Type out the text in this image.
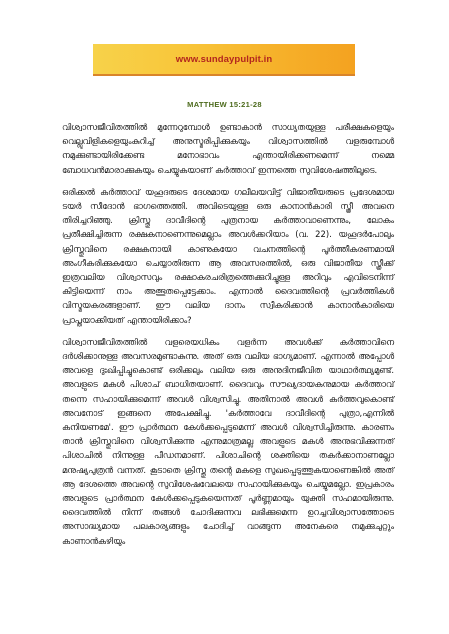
www.sundaypulpit.in
MATTHEW 15:21-28

വിശ്വാസജീവിതത്തിൽ മുന്നേറുമ്പോൾ ഉണ്ടാകാൻ സാധ്യതയുള്ള പരീക്ഷകളെയും വെല്ലുവിളികളെയുംകുറിച്ച് അനുസ്മരിപ്പിക്കുകയും വിശ്വാസത്തിൽ വളരുമ്പോൾ നമുക്കുണ്ടായിരിക്കേണ്ട മനോഭാവം എന്തായിരിക്കണമെന്ന് നമ്മെ ബോധവൻമാരാക്കുകയും ചെയ്യുകയാണ് കർത്താവ് ഇന്നത്തെ സുവിശേഷത്തിലൂടെ.

ഒരിക്കൽ കർത്താവ് യഹൂദരുടെ ദേശമായ ഗലീലയവിട്ട് വിജാതീയരുടെ പ്രദേശമായ ടയർ സീദോൻ ഭാഗത്തെത്തി. അവിടെയുള്ള ഒരു കാനാൻകാരി സ്ത്രീ അവനെ തിരിച്ചറിഞ്ഞു. ക്രിസ്തു ദാവീദിന്റെ പുത്രനായ കർത്താവാണെന്നും, ലോകം പ്രതീക്ഷിച്ചിരുന്ന രക്ഷകനാണെന്നുമെല്ലാം അവൾക്കറിയാം (വ. 22). യഹൂദർപോലും ക്രിസ്തുവിനെ രക്ഷകനായി കാണുകയോ വചനത്തിന്റെ പൂർത്തീകരണമായി അംഗീകരിക്കുകയോ ചെയ്യാതിരുന്ന ആ അവസരത്തിൽ, ഒരു വിജാതീയ സ്ത്രീക്ക് ഇത്രവലിയ വിശ്വാസവും രക്ഷാകരചരിത്രത്തെക്കുറിച്ചുള്ള അറിവും എവിടെനിന്ന് കിട്ടിയെന്ന് നാം അത്ഭുതപ്പെട്ടേക്കാം. എന്നാൽ ദൈവത്തിന്റെ പ്രവർത്തികൾ വിസ്മയകരങ്ങളാണ്. ഈ വലിയ ദാനം സ്വീകരിക്കാൻ കാനാൻകാരിയെ പ്രാപ്തയാക്കിയത് എന്തായിരിക്കാം?

വിശ്വാസജീവിതത്തിൽ വളരെയധികം വളർന്ന അവൾക്ക് കർത്താവിനെ ദർശിക്കാനുള്ള അവസരമുണ്ടാകുന്നു. അത് ഒരു വലിയ ഭാഗ്യമാണ്. എന്നാൽ അപ്പോൾ അവളെ ദുഃഖിപ്പിച്ചുകൊണ്ട് ഒരിക്കലും വലിയ ഒരു അനുദിനജീവിത യാഥാർത്ഥ്യമുണ്ട്. അവളുടെ മകൾ പിശാച് ബാധിതയാണ്. ദൈവവും സൗഖ്യദായകനുമായ കർത്താവ് തന്നെ സഹായിക്കുമെന്ന് അവൾ വിശ്വസിച്ചു. അതിനാൽ അവൾ കർത്തവുകൊണ്ട് അവനോട് ഇങ്ങനെ അപേക്ഷിച്ചു. 'കർത്താവേ ദാവീദിന്റെ പുത്രാ,എന്നിൽ കനിയണമേ'. ഈ പ്രാർത്ഥന കേൾക്കപ്പെടുമെന്ന് അവൾ വിശ്വസിച്ചിരുന്നു. കാരണം താൻ ക്രിസ്തുവിനെ വിശ്വസിക്കുന്നു എന്നുമാത്രമല്ല അവളുടെ മകൾ അനുഭവിക്കുന്നത് പിശാചിൽ നിന്നുള്ള പീഡനമാണ്. പിശാചിന്റെ ശക്തിയെ തകർക്കാനാണല്ലോ മനുഷ്യപുത്രൻ വന്നത്. കൂടാതെ ക്രിസ്തു തന്റെ മകളെ സുഖപ്പെടുത്തുകയാണെങ്കിൽ അത് ആ ദേശത്തെ അവന്റെ സുവിശേഷവേലയെ സഹായിക്കുകയും ചെയ്യുമല്ലോ. ഇപ്രകാരം അവളുടെ പ്രാർത്ഥന കേൾക്കപ്പെടുകയെന്നത് പൂർണ്ണമായും യുക്തി സഹമായിരുന്നു. ദൈവത്തിൽ നിന്ന് തങ്ങൾ ചോദിക്കുന്നവ ലഭിക്കുമെന്ന ഉറച്ചവിശ്വാസത്തോടെ അസാദ്ധ്യമായ പലകാര്യങ്ങളും ചോദിച്ച് വാങ്ങുന്ന അനേകരെ നമുക്കുചുറ്റും കാണാൻകഴിയും
